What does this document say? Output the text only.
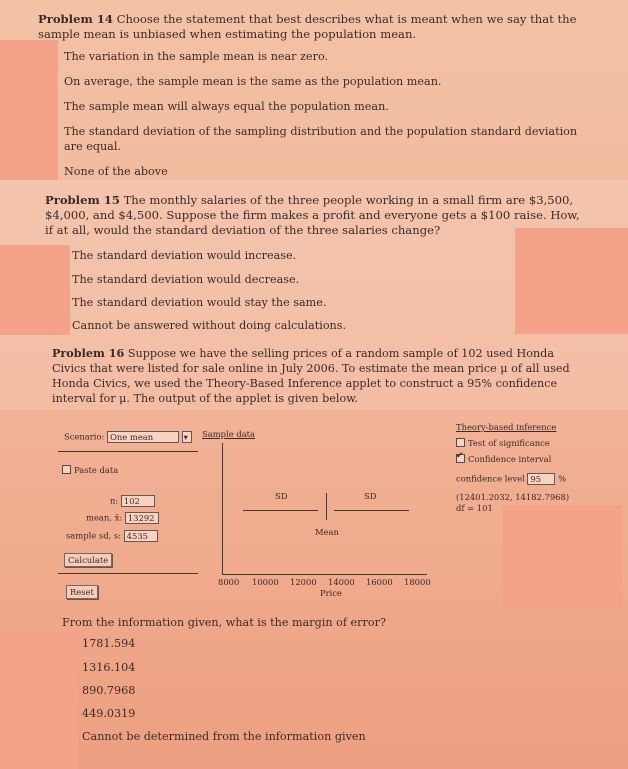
Problem 14 Choose the statement that best describes what is meant when we say that the sample mean is unbiased when estimating the population mean.
The variation in the sample mean is near zero.
On average, the sample mean is the same as the population mean.
The sample mean will always equal the population mean.
The standard deviation of the sampling distribution and the population standard deviation are equal.
None of the above
Problem 15 The monthly salaries of the three people working in a small firm are $3,500, $4,000, and $4,500. Suppose the firm makes a profit and everyone gets a $100 raise. How, if at all, would the standard deviation of the three salaries change?
The standard deviation would increase.
The standard deviation would decrease.
The standard deviation would stay the same.
Cannot be answered without doing calculations.
Problem 16 Suppose we have the selling prices of a random sample of 102 used Honda Civics that were listed for sale online in July 2006. To estimate the mean price μ of all used Honda Civics, we used the Theory-Based Inference applet to construct a 95% confidence interval for μ. The output of the applet is given below.
Scenario: One mean	▾	Sample data
Paste data
n: 102
mean, x̄: 13292
sample sd, s: 4535
Calculate
Reset
SD	SD
Mean
8000 10000 12000 14000 16000 18000
Price
Theory-based inference
Test of significance
✔Confidence interval
confidence level 95 %
(12401.2032, 14182.7968)
df = 101
From the information given, what is the margin of error?
1781.594
1316.104
890.7968
449.0319
Cannot be determined from the information given
